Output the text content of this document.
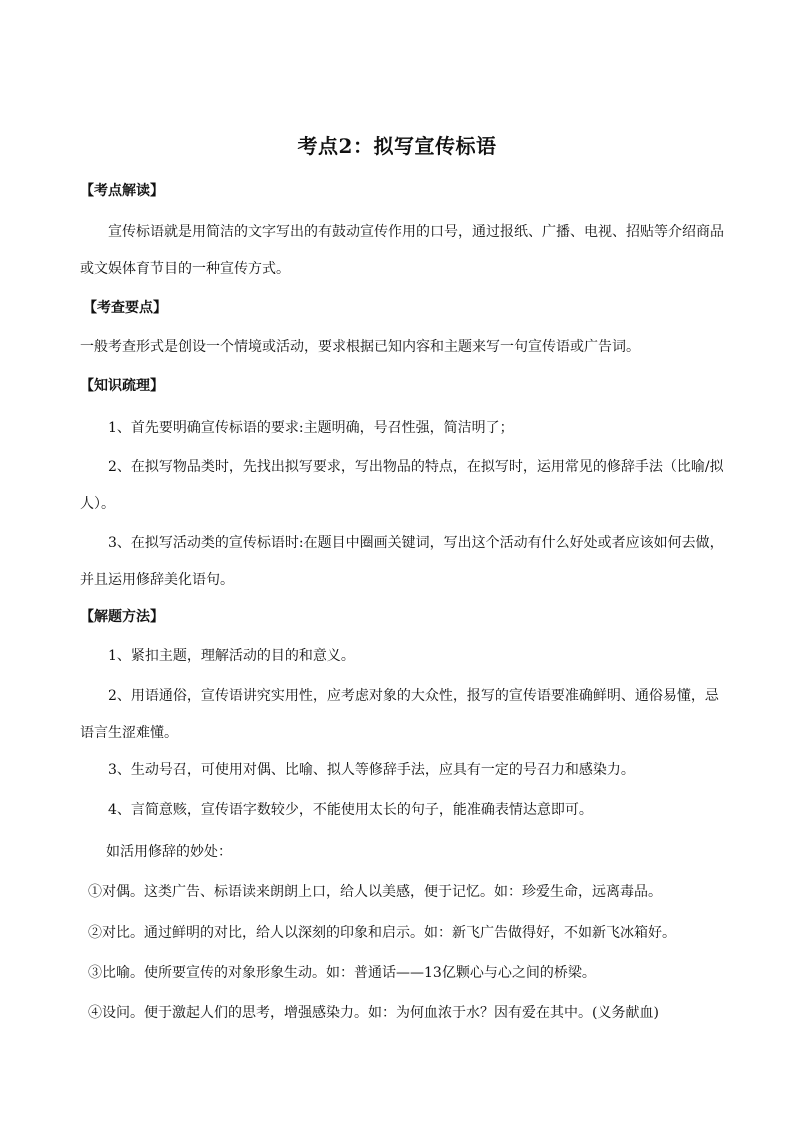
考点2：拟写宣传标语
【考点解读】
宣传标语就是用简洁的文字写出的有鼓动宣传作用的口号，通过报纸、广播、电视、招贴等介绍商品或文娱体育节目的一种宣传方式。
【考查要点】
一般考查形式是创设一个情境或活动，要求根据已知内容和主题来写一句宣传语或广告词。
【知识疏理】
1、首先要明确宣传标语的要求:主题明确，号召性强，简洁明了；
2、在拟写物品类时，先找出拟写要求，写出物品的特点，在拟写时，运用常见的修辞手法（比喻/拟人）。
3、在拟写活动类的宣传标语时:在题目中圈画关键词，写出这个活动有什么好处或者应该如何去做，并且运用修辞美化语句。
【解题方法】
1、紧扣主题，理解活动的目的和意义。
2、用语通俗，宣传语讲究实用性，应考虑对象的大众性，报写的宣传语要准确鲜明、通俗易懂，忌语言生涩难懂。
3、生动号召，可使用对偶、比喻、拟人等修辞手法，应具有一定的号召力和感染力。
4、言简意赅，宣传语字数较少，不能使用太长的句子，能准确表情达意即可。
如活用修辞的妙处：
①对偶。这类广告、标语读来朗朗上口，给人以美感，便于记忆。如：珍爱生命，远离毒品。
②对比。通过鲜明的对比，给人以深刻的印象和启示。如：新飞广告做得好，不如新飞冰箱好。
③比喻。使所要宣传的对象形象生动。如：普通话——13亿颗心与心之间的桥梁。
④设问。便于激起人们的思考，增强感染力。如：为何血浓于水？因有爱在其中。(义务献血)
